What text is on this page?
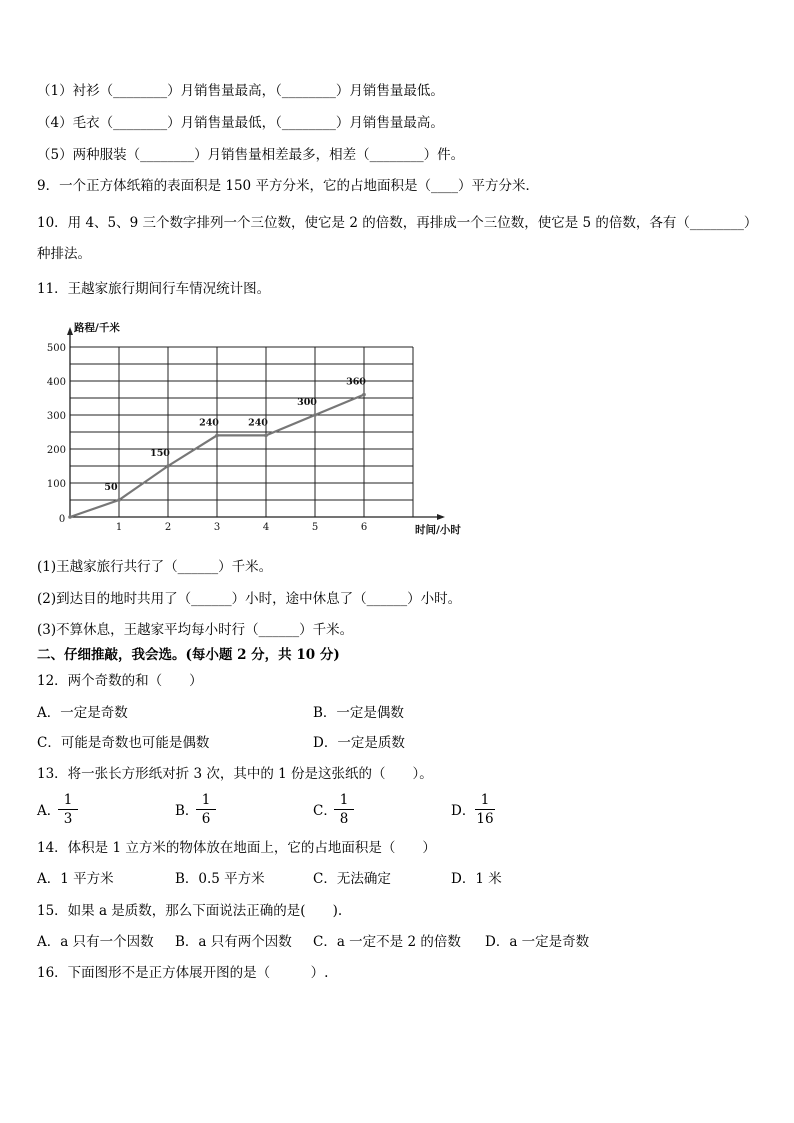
（1）衬衫（________）月销售量最高，（________）月销售量最低。
（4）毛衣（________）月销售量最低，（________）月销售量最高。
（5）两种服装（________）月销售量相差最多，相差（________）件。
9．一个正方体纸箱的表面积是 150 平方分米，它的占地面积是（____）平方分米．
10．用 4、5、9 三个数字排列一个三位数，使它是 2 的倍数，再排成一个三位数，使它是 5 的倍数，各有（________）
种排法。
11．王越家旅行期间行车情况统计图。
0
1	2	3	4	5	6
100
200
300
400
500
路程/千米
时间/小时
50
150
240	240
300
360
(1)王越家旅行共行了（______）千米。
(2)到达目的地时共用了（______）小时，途中休息了（______）小时。
(3)不算休息，王越家平均每小时行（______）千米。
二、仔细推敲，我会选。(每小题 2 分，共 10 分)
12．两个奇数的和（　　）
A．一定是奇数	B．一定是偶数
C．可能是奇数也可能是偶数	D．一定是质数
13．将一张长方形纸对折 3 次，其中的 1 份是这张纸的（　　）。
A．
1
3	B．
1
6	C．
1
8	D．
1
16
14．体积是 1 立方米的物体放在地面上，它的占地面积是（　　）
A．1 平方米	B．0.5 平方米	C．无法确定	D．1 米
15．如果 a 是质数，那么下面说法正确的是(　　).
A．a 只有一个因数 B．a 只有两个因数 C．a 一定不是 2 的倍数 D．a 一定是奇数
16．下面图形不是正方体展开图的是（　　　）.
